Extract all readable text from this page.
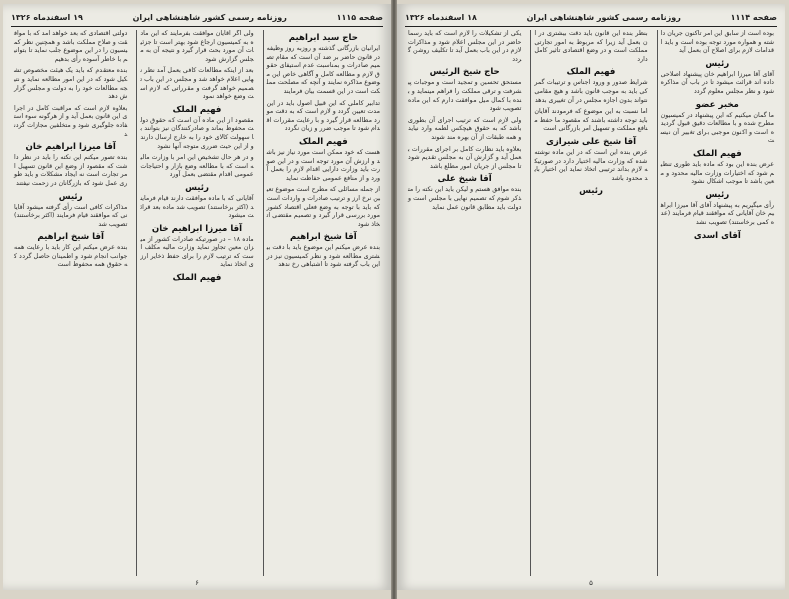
صفحه ۱۱۱۵
روزنامه رسمی کشور شاهنشاهی ایران
۱۹ اسفندماه ۱۳۲۶
حاج سید ابراهیم
ایرانیان بازرگانی گذشته و روزبه روز وظیفه در قانون حاضر بر ضد آن است که مقام تصمیم صادرات و بمناسبت عدم استیفای حقوق لازم و مطالعه کامل و آگاهی خاص این موضوع مذاکره نمایند و آنچه که مصلحت مملکت است در این قسمت بیان فرمایند
تدابیر کاملی که این قبیل اصول باید در این مدت تعیین گردد و لازم است که به دقت مورد مطالعه قرار گیرد و با رعایت مقررات اقدام شود تا موجب ضرر و زیان نگردد
فهیم الملک
هست که خود ممکن است مورد نیاز نیز باشد و ارزش آن مورد توجه است و در این صورت باید وزارت دارایی اقدام لازم را بعمل آورد و از منافع عمومی حفاظت نماید
از جمله مسائلی که مطرح است موضوع تعیین نرخ ارز و ترتیب صادرات و واردات است که باید با توجه به وضع فعلی اقتصاد کشور مورد بررسی قرار گیرد و تصمیم مقتضی اتخاذ شود
آقا شیخ ابراهیم
بنده عرض میکنم این موضوع باید با دقت بیشتری مطالعه شود و نظر کمیسیون نیز در این باب گرفته شود تا اشتباهی رخ ندهد
ولی اگر آقایان موافقت بفرمایند که این ماده به کمیسیون ارجاع شود بهتر است تا جزئیات آن مورد بحث قرار گیرد و نتیجه آن به مجلس گزارش شود
بعد از اینکه مطالعات کافی بعمل آمد نظر نهایی اعلام خواهد شد و مجلس در این باب تصمیم خواهد گرفت و مقرراتی که لازم است وضع خواهد نمود
فهیم الملک
مقصود از این ماده آن است که حقوق دولت محفوظ بماند و صادرکنندگان نیز بتوانند با سهولت کالای خود را به خارج ارسال دارند و از این حیث ضرری متوجه آنها نشود
و در هر حال تشخیص این امر با وزارت مالیه است که با مطالعه وضع بازار و احتیاجات عمومی اقدام مقتضی بعمل آورد
رئیس
آقایانی که با ماده موافقت دارند قیام فرمایند (اکثر برخاستند) تصویب شد ماده بعد قرائت میشود
آقا میرزا ابراهیم خان
ماده ۱۸ – در صورتیکه صادرات کشور از میزان معین تجاوز نماید وزارت مالیه مکلف است که ترتیب لازم را برای حفظ ذخایر ارزی اتخاذ نماید
فهیم الملک
دولتی اقتصادی که بعد خواهد آمد که با موافقت و صلاح مملکت باشد و همچنین نظر کمیسیون را در این موضوع جلب نماید تا بتوانیم با خاطر آسوده رأی بدهیم
بنده معتقدم که باید یک هیئت مخصوص تشکیل شود که در این امور مطالعه نماید و نتیجه مطالعات خود را به دولت و مجلس گزارش دهد
بعلاوه لازم است که مراقبت کامل در اجرای این قانون بعمل آید و از هرگونه سوء استفاده جلوگیری شود و متخلفین مجازات گردند
آقا میرزا ابراهیم خان
بنده تصور میکنم این نکته را باید در نظر داشت که مقصود از وضع این قانون تسهیل امر تجارت است نه ایجاد مشکلات و باید طوری عمل شود که بازرگانان در زحمت نیفتند
رئیس
مذاکرات کافی است رأی گرفته میشود آقایانی که موافقند قیام فرمایند (اکثر برخاستند) تصویب شد
آقا شیخ ابراهیم
بنده عرض میکنم این کار باید با رعایت همه جوانب انجام شود و اطمینان حاصل گردد که حقوق همه محفوظ است
۶
صفحه ۱۱۱۴
روزنامه رسمی کشور شاهنشاهی ایران
۱۸ اسفندماه ۱۳۲۶
بوده است از سابق این امر تاکنون جریان داشته و همواره مورد توجه بوده است و باید اقدامات لازم برای اصلاح آن بعمل آید
رئیس
آقای آقا میرزا ابراهیم خان پیشنهاد اصلاحی داده اند قرائت میشود تا در باب آن مذاکره شود و نظر مجلس معلوم گردد
مخبر عضو
ما گمان میکنیم که این پیشنهاد در کمیسیون مطرح شده و با مطالعات دقیق قبول گردیده است و اکنون موجبی برای تغییر آن نیست
فهیم الملک
عرض بنده این بود که ماده باید طوری تنظیم شود که اختیارات وزارت مالیه محدود و معین باشد تا موجب اشکال نشود
رئیس
رأی میگیریم به پیشنهاد آقای آقا میرزا ابراهیم خان آقایانی که موافقند قیام فرمایند (عده کمی برخاستند) تصویب نشد
آقای اسدی
بنظر بنده این قانون باید دقت بیشتری در آن بعمل آید زیرا که مربوط به امور تجارتی مملکت است و در وضع اقتصادی تاثیر کامل دارد
فهیم الملک
شرایط صدور و ورود اجناس و ترتیبات گمرکی باید به موجب قانون باشد و هیچ مقامی نتواند بدون اجازه مجلس در آن تغییری بدهد
اما نسبت به این موضوع که فرمودند آقایان باید توجه داشته باشند که مقصود ما حفظ منافع مملکت و تسهیل امر بازرگانی است
آقا شیخ علی شیرازی
عرض بنده این است که در این ماده نوشته شده که وزارت مالیه اختیار دارد در صورتیکه لازم بداند ترتیبی اتخاذ نماید این اختیار باید محدود باشد
رئیس
یکی از تشکیلات را لازم است که باید رسماً حاضر در این مجلس اعلام شود و مذاکرات لازم در این باب بعمل آید تا تکلیف روشن گردد
حاج شیخ الرئیس
مستحق تحسین و تمجید است و موجبات پیشرفت و ترقی مملکت را فراهم مینماید و بنده با کمال میل موافقت دارم که این ماده تصویب شود
ولی لازم است که ترتیب اجرای آن بطوری باشد که به حقوق هیچکس لطمه وارد نیاید و همه طبقات از آن بهره مند شوند
بعلاوه باید نظارت کامل بر اجرای مقررات بعمل آید و گزارش آن به مجلس تقدیم شود تا مجلس از جریان امور مطلع باشد
آقا شیخ علی
بنده موافق هستم و لیکن باید این نکته را متذکر شوم که تصمیم نهایی با مجلس است و دولت باید مطابق قانون عمل نماید
۵
